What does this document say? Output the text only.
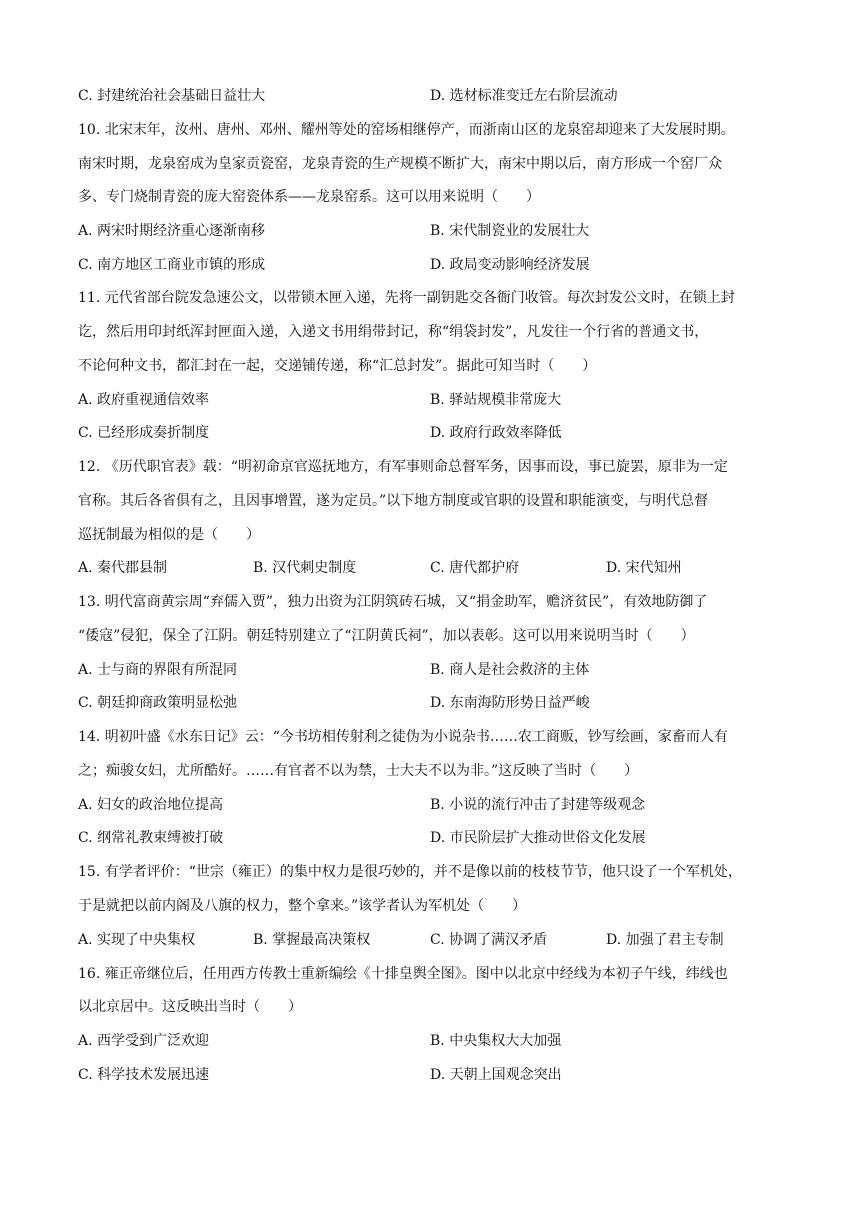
C. 封建统治社会基础日益壮大	D. 选材标准变迁左右阶层流动
10. 北宋末年，汝州、唐州、邓州、耀州等处的窑场相继停产，而浙南山区的龙泉窑却迎来了大发展时期。
南宋时期，龙泉窑成为皇家贡瓷窑，龙泉青瓷的生产规模不断扩大，南宋中期以后，南方形成一个窑厂众
多、专门烧制青瓷的庞大窑瓷体系——龙泉窑系。这可以用来说明（　　）
A. 两宋时期经济重心逐渐南移	B. 宋代制瓷业的发展壮大
C. 南方地区工商业市镇的形成	D. 政局变动影响经济发展
11. 元代省部台院发急速公文，以带锁木匣入递，先将一副钥匙交各衙门收管。每次封发公文时，在锁上封
讫，然后用印封纸浑封匣面入递，入递文书用绢带封记，称“绢袋封发”，凡发往一个行省的普通文书，
不论何种文书，都汇封在一起，交递铺传递，称“汇总封发”。据此可知当时（　　）
A. 政府重视通信效率	B. 驿站规模非常庞大
C. 已经形成奏折制度	D. 政府行政效率降低
12. 《历代职官表》载：“明初命京官巡抚地方，有军事则命总督军务，因事而设，事已旋罢，原非为一定
官称。其后各省俱有之，且因事增置，遂为定员。”以下地方制度或官职的设置和职能演变，与明代总督
巡抚制最为相似的是（　　）
A. 秦代郡县制	B. 汉代刺史制度	C. 唐代都护府	D. 宋代知州
13. 明代富商黄宗周“弃儒入贾”，独力出资为江阴筑砖石城，又“捐金助军，赡济贫民”，有效地防御了
“倭寇”侵犯，保全了江阴。朝廷特别建立了“江阴黄氏祠”，加以表彰。这可以用来说明当时（　　）
A. 士与商的界限有所混同	B. 商人是社会救济的主体
C. 朝廷抑商政策明显松弛	D. 东南海防形势日益严峻
14. 明初叶盛《水东日记》云：“今书坊相传射利之徒伪为小说杂书……农工商贩，钞写绘画，家畜而人有
之；痴骏女妇，尤所酷好。……有官者不以为禁，士大夫不以为非。”这反映了当时（　　）
A. 妇女的政治地位提高	B. 小说的流行冲击了封建等级观念
C. 纲常礼教束缚被打破	D. 市民阶层扩大推动世俗文化发展
15. 有学者评价：“世宗（雍正）的集中权力是很巧妙的，并不是像以前的枝枝节节，他只设了一个军机处，
于是就把以前内阁及八旗的权力，整个拿来。”该学者认为军机处（　　）
A. 实现了中央集权	B. 掌握最高决策权	C. 协调了满汉矛盾	D. 加强了君主专制
16. 雍正帝继位后，任用西方传教士重新编绘《十排皇舆全图》。图中以北京中经线为本初子午线，纬线也
以北京居中。这反映出当时（　　）
A. 西学受到广泛欢迎	B. 中央集权大大加强
C. 科学技术发展迅速	D. 天朝上国观念突出
